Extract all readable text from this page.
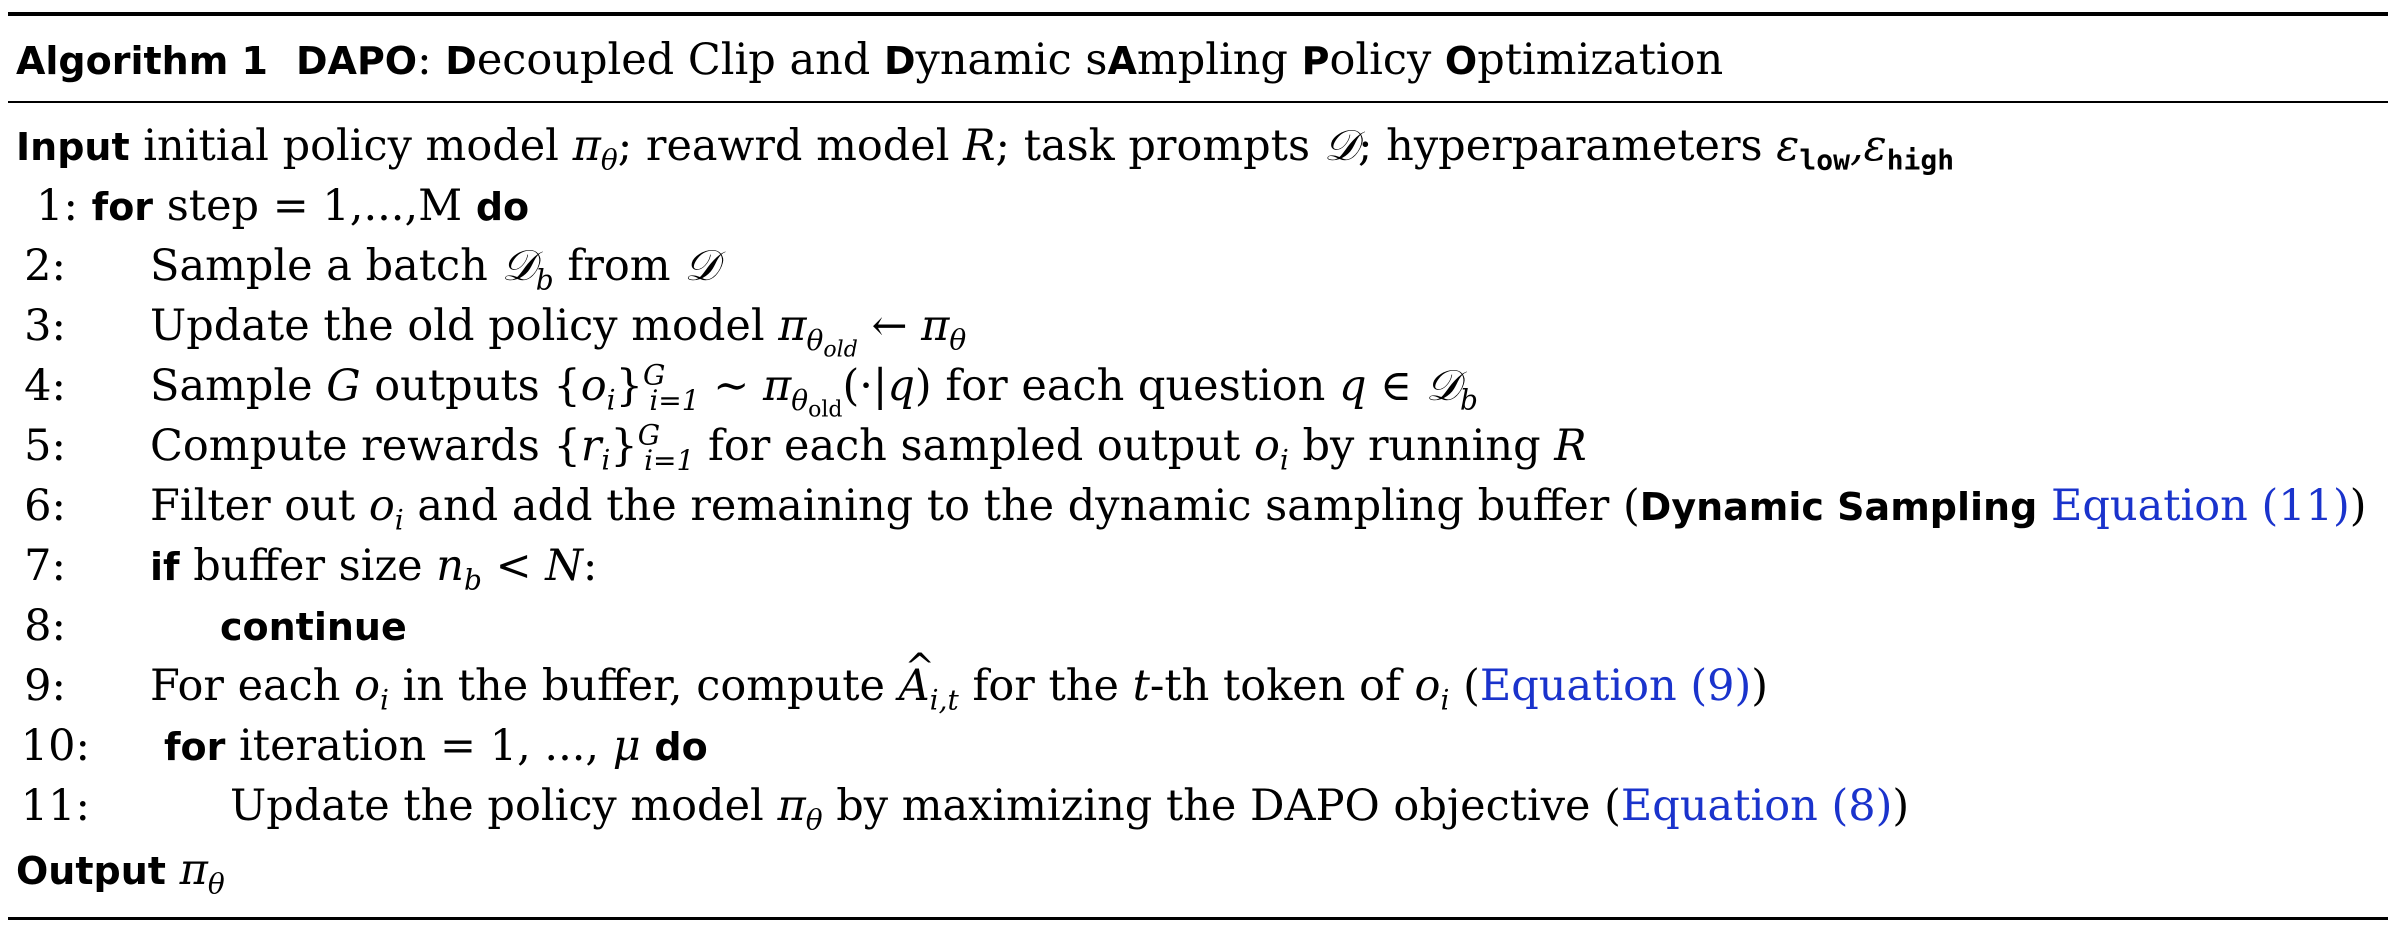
Algorithm 1 DAPO: Decoupled Clip and Dynamic sAmpling Policy Optimization
Input initial policy model $\pi_\theta$; reawrd model R; task prompts 𝒟; hyperparameters $\varepsilon_{low},\varepsilon_{high}$
1: for step = 1,...,M do
2: Sample a batch 𝒟$_b$ from 𝒟
3: Update the old policy model $\pi_{\theta_{old}}$ ← $\pi_\theta$
4: Sample G outputs $\{o_i\}^G_{i=1}$ ∼ $\pi_{\theta_{old}}(\cdot|q)$ for each question q ∈ 𝒟$_b$
5: Compute rewards $\{r_i\}^G_{i=1}$ for each sampled output $o_i$ by running R
6: Filter out $o_i$ and add the remaining to the dynamic sampling buffer (Dynamic Sampling Equation (11))
7: if buffer size $n_b < N$:
8:	continue
9: For each $o_i$ in the buffer, compute ^ $A_{i,t}$ for the t-th token of $o_i$ (Equation (9))
10: for iteration = 1, ..., μ do
11:	Update the policy model $\pi_\theta$ by maximizing the DAPO objective (Equation (8))
Output $\pi_\theta$
